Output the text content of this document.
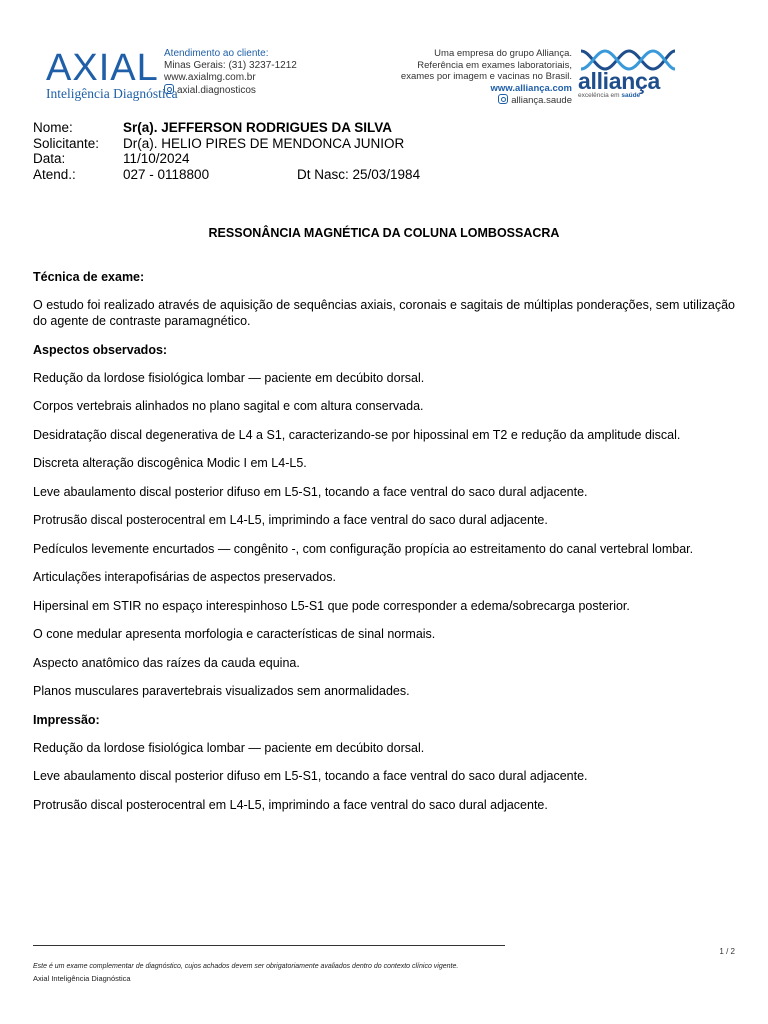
AXIAL
Inteligência Diagnóstica
Atendimento ao cliente:
Minas Gerais: (31) 3237-1212
www.axialmg.com.br
axial.diagnosticos
Uma empresa do grupo Alliança.
Referência em exames laboratoriais,
exames por imagem e vacinas no Brasil.
www.alliança.com
alliança.saude
alliança
excelência em saúde
Nome:	Sr(a). JEFFERSON RODRIGUES DA SILVA
Solicitante: Dr(a). HELIO PIRES DE MENDONCA JUNIOR
Data:	11/10/2024
Atend.:	027 - 0118800	Dt Nasc: 25/03/1984
RESSONÂNCIA MAGNÉTICA DA COLUNA LOMBOSSACRA
Técnica de exame:
O estudo foi realizado através de aquisição de sequências axiais, coronais e sagitais de múltiplas ponderações, sem utilização do agente de contraste paramagnético.
Aspectos observados:
Redução da lordose fisiológica lombar — paciente em decúbito dorsal.
Corpos vertebrais alinhados no plano sagital e com altura conservada.
Desidratação discal degenerativa de L4 a S1, caracterizando-se por hipossinal em T2 e redução da amplitude discal.
Discreta alteração discogênica Modic I em L4-L5.
Leve abaulamento discal posterior difuso em L5-S1, tocando a face ventral do saco dural adjacente.
Protrusão discal posterocentral em L4-L5, imprimindo a face ventral do saco dural adjacente.
Pedículos levemente encurtados — congênito -, com configuração propícia ao estreitamento do canal vertebral lombar.
Articulações interapofisárias de aspectos preservados.
Hipersinal em STIR no espaço interespinhoso L5-S1 que pode corresponder a edema/sobrecarga posterior.
O cone medular apresenta morfologia e características de sinal normais.
Aspecto anatômico das raízes da cauda equina.
Planos musculares paravertebrais visualizados sem anormalidades.
Impressão:
Redução da lordose fisiológica lombar — paciente em decúbito dorsal.
Leve abaulamento discal posterior difuso em L5-S1, tocando a face ventral do saco dural adjacente.
Protrusão discal posterocentral em L4-L5, imprimindo a face ventral do saco dural adjacente.
1 / 2
Este é um exame complementar de diagnóstico, cujos achados devem ser obrigatoriamente avaliados dentro do contexto clínico vigente.
Axial Inteligência Diagnóstica
